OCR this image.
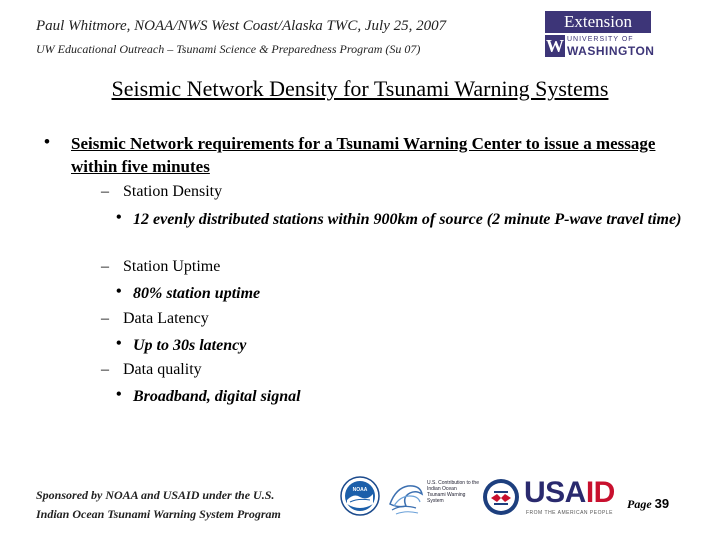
Paul Whitmore, NOAA/NWS West Coast/Alaska TWC, July 25, 2007
UW Educational Outreach – Tsunami Science & Preparedness Program (Su 07)
Extension
W UNIVERSITY OF
WASHINGTON
Seismic Network Density for Tsunami Warning Systems
• Seismic Network requirements for a Tsunami Warning Center to issue a message within five minutes
– Station Density
• 12 evenly distributed stations within 900km of source (2 minute P-wave travel time)
– Station Uptime
• 80% station uptime
– Data Latency
• Up to 30s latency
– Data quality
• Broadband, digital signal
Sponsored by NOAA and USAID under the U.S.
Indian Ocean Tsunami Warning System Program
NOAA
U.S. Contribution to the
Indian Ocean
Tsunami Warning
System	USAID
FROM THE AMERICAN PEOPLE
Page 39
